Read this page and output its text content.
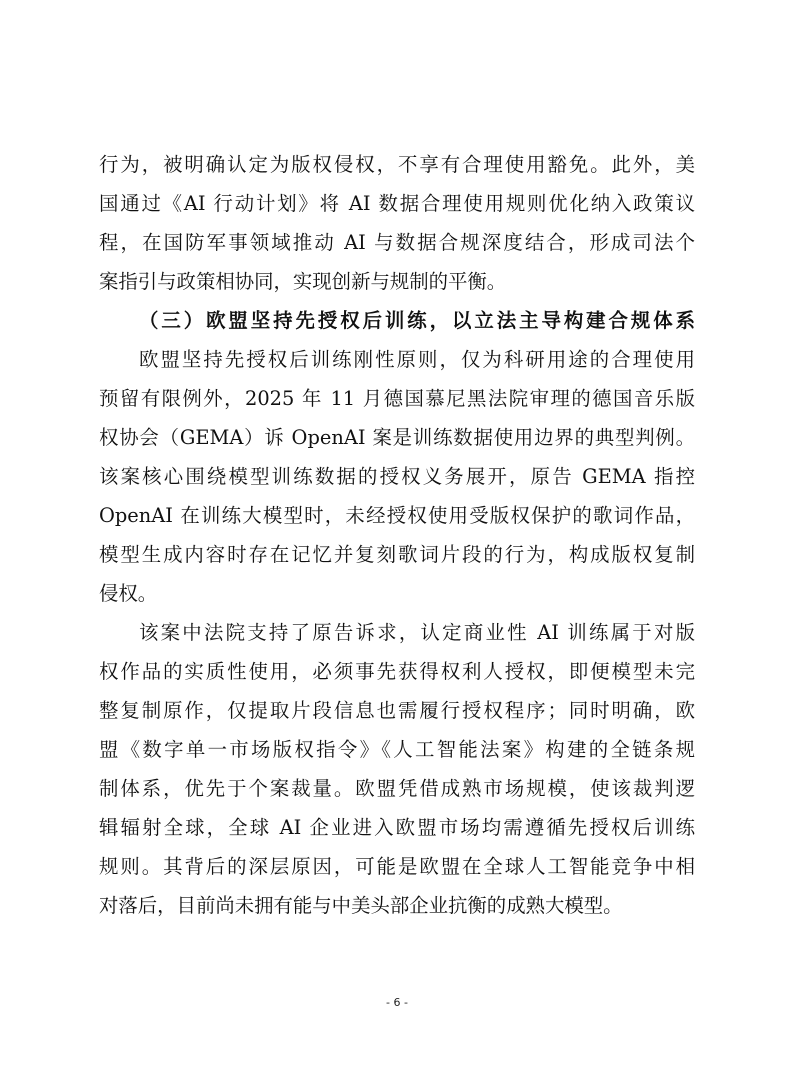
行为，被明确认定为版权侵权，不享有合理使用豁免。此外，美
国通过《AI 行动计划》将 AI 数据合理使用规则优化纳入政策议
程，在国防军事领域推动 AI 与数据合规深度结合，形成司法个
案指引与政策相协同，实现创新与规制的平衡。
（三）欧盟坚持先授权后训练，以立法主导构建合规体系
欧盟坚持先授权后训练刚性原则，仅为科研用途的合理使用
预留有限例外，2025 年 11 月德国慕尼黑法院审理的德国音乐版
权协会（GEMA）诉 OpenAI 案是训练数据使用边界的典型判例。
该案核心围绕模型训练数据的授权义务展开，原告 GEMA 指控
OpenAI 在训练大模型时，未经授权使用受版权保护的歌词作品，
模型生成内容时存在记忆并复刻歌词片段的行为，构成版权复制
侵权。
该案中法院支持了原告诉求，认定商业性 AI 训练属于对版
权作品的实质性使用，必须事先获得权利人授权，即便模型未完
整复制原作，仅提取片段信息也需履行授权程序；同时明确，欧
盟《数字单一市场版权指令》《人工智能法案》构建的全链条规
制体系，优先于个案裁量。欧盟凭借成熟市场规模，使该裁判逻
辑辐射全球，全球 AI 企业进入欧盟市场均需遵循先授权后训练
规则。其背后的深层原因，可能是欧盟在全球人工智能竞争中相
对落后，目前尚未拥有能与中美头部企业抗衡的成熟大模型。
- 6 -
